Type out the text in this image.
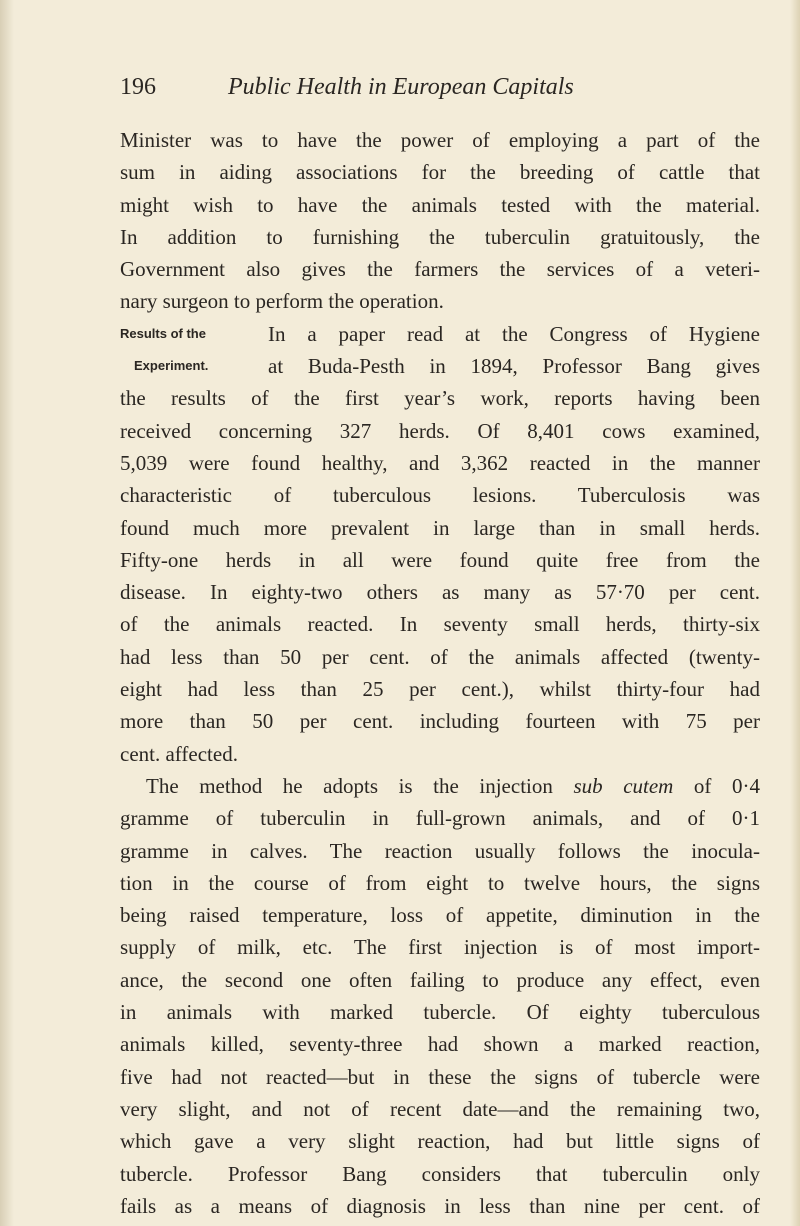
196	Public Health in European Capitals
Minister was to have the power of employing a part of the
sum in aiding associations for the breeding of cattle that
might wish to have the animals tested with the material.
In addition to furnishing the tuberculin gratuitously, the
Government also gives the farmers the services of a veteri-
nary surgeon to perform the operation.
Results of the	In a paper read at the Congress of Hygiene
Experiment.	at Buda-Pesth in 1894, Professor Bang gives
the results of the first year’s work, reports having been
received concerning 327 herds. Of 8,401 cows examined,
5,039 were found healthy, and 3,362 reacted in the manner
characteristic of tuberculous lesions. Tuberculosis was
found much more prevalent in large than in small herds.
Fifty-one herds in all were found quite free from the
disease. In eighty-two others as many as 57·70 per cent.
of the animals reacted. In seventy small herds, thirty-six
had less than 50 per cent. of the animals affected (twenty-
eight had less than 25 per cent.), whilst thirty-four had
more than 50 per cent. including fourteen with 75 per
cent. affected.
The method he adopts is the injection sub cutem of 0·4
gramme of tuberculin in full-grown animals, and of 0·1
gramme in calves. The reaction usually follows the inocula-
tion in the course of from eight to twelve hours, the signs
being raised temperature, loss of appetite, diminution in the
supply of milk, etc. The first injection is of most import-
ance, the second one often failing to produce any effect, even
in animals with marked tubercle. Of eighty tuberculous
animals killed, seventy-three had shown a marked reaction,
five had not reacted—but in these the signs of tubercle were
very slight, and not of recent date—and the remaining two,
which gave a very slight reaction, had but little signs of
tubercle. Professor Bang considers that tuberculin only
fails as a means of diagnosis in less than nine per cent. of
